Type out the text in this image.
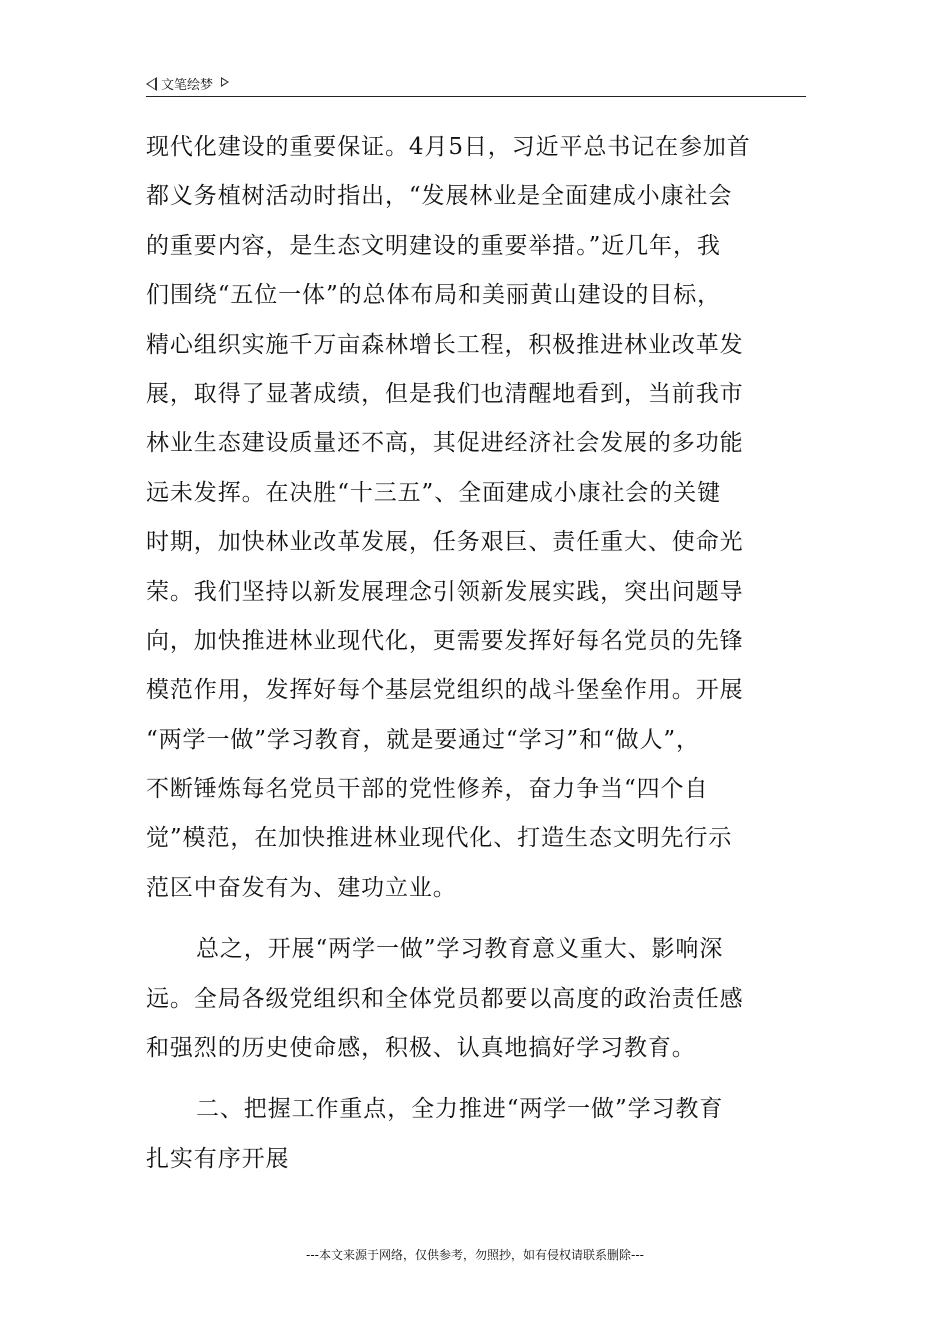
文笔绘梦
现代化建设的重要保证。4月5日，习近平总书记在参加首
都义务植树活动时指出，“发展林业是全面建成小康社会
的重要内容，是生态文明建设的重要举措。”近几年，我
们围绕“五位一体”的总体布局和美丽黄山建设的目标，
精心组织实施千万亩森林增长工程，积极推进林业改革发
展，取得了显著成绩，但是我们也清醒地看到，当前我市
林业生态建设质量还不高，其促进经济社会发展的多功能
远未发挥。在决胜“十三五”、全面建成小康社会的关键
时期，加快林业改革发展，任务艰巨、责任重大、使命光
荣。我们坚持以新发展理念引领新发展实践，突出问题导
向，加快推进林业现代化，更需要发挥好每名党员的先锋
模范作用，发挥好每个基层党组织的战斗堡垒作用。开展
“两学一做”学习教育，就是要通过“学习”和“做人”，
不断锤炼每名党员干部的党性修养，奋力争当“四个自
觉”模范，在加快推进林业现代化、打造生态文明先行示
范区中奋发有为、建功立业。
总之，开展“两学一做”学习教育意义重大、影响深
远。全局各级党组织和全体党员都要以高度的政治责任感
和强烈的历史使命感，积极、认真地搞好学习教育。
二、把握工作重点，全力推进“两学一做”学习教育
扎实有序开展
---本文来源于网络，仅供参考，勿照抄，如有侵权请联系删除---
